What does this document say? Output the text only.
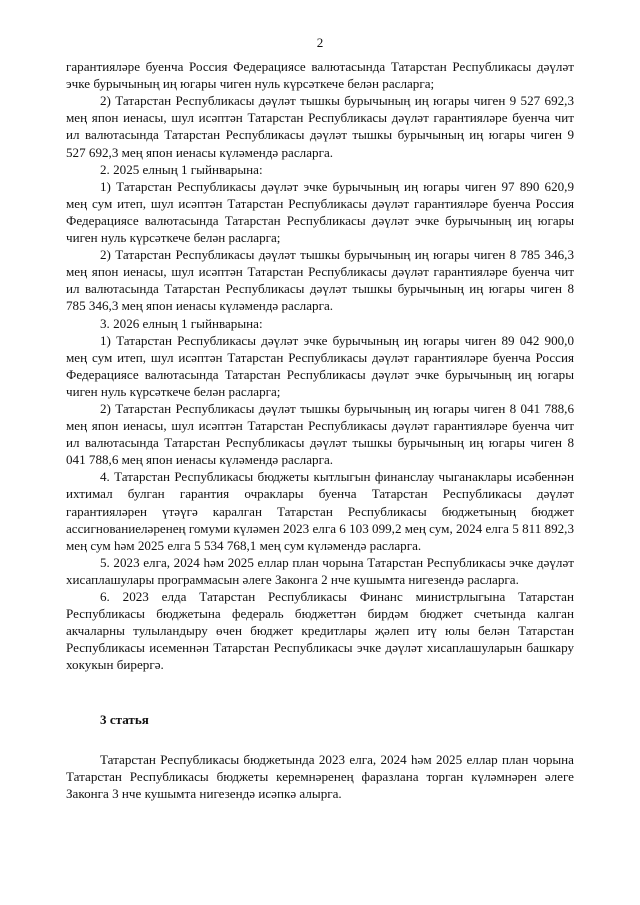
2

гарантияләре буенча Россия Федерациясе валютасында Татарстан Республикасы дәүләт эчке бурычының иң югары чиген нуль күрсәткече белән расларга;

2) Татарстан Республикасы дәүләт тышкы бурычының иң югары чиген 9 527 692,3 мең япон иенасы, шул исәптән Татарстан Республикасы дәүләт гарантияләре буенча чит ил валютасында Татарстан Республикасы дәүләт тышкы бурычының иң югары чиген 9 527 692,3 мең япон иенасы күләмендә расларга.

2. 2025 елның 1 гыйнварына:

1) Татарстан Республикасы дәүләт эчке бурычының иң югары чиген 97 890 620,9 мең сум итеп, шул исәптән Татарстан Республикасы дәүләт гарантияләре буенча Россия Федерациясе валютасында Татарстан Республикасы дәүләт эчке бурычының иң югары чиген нуль күрсәткече белән расларга;

2) Татарстан Республикасы дәүләт тышкы бурычының иң югары чиген 8 785 346,3 мең япон иенасы, шул исәптән Татарстан Республикасы дәүләт гарантияләре буенча чит ил валютасында Татарстан Республикасы дәүләт тышкы бурычының иң югары чиген 8 785 346,3 мең япон иенасы күләмендә расларга.

3. 2026 елның 1 гыйнварына:

1) Татарстан Республикасы дәүләт эчке бурычының иң югары чиген 89 042 900,0 мең сум итеп, шул исәптән Татарстан Республикасы дәүләт гарантияләре буенча Россия Федерациясе валютасында Татарстан Республикасы дәүләт эчке бурычының иң югары чиген нуль күрсәткече белән расларга;

2) Татарстан Республикасы дәүләт тышкы бурычының иң югары чиген 8 041 788,6 мең япон иенасы, шул исәптән Татарстан Республикасы дәүләт гарантияләре буенча чит ил валютасында Татарстан Республикасы дәүләт тышкы бурычының иң югары чиген 8 041 788,6 мең япон иенасы күләмендә расларга.

4. Татарстан Республикасы бюджеты кытлыгын финанслау чыганаклары исәбеннән ихтимал булган гарантия очраклары буенча Татарстан Республикасы дәүләт гарантияләрен үтәүгә каралган Татарстан Республикасы бюджетының бюджет ассигнованиеләренең гомуми күләмен 2023 елга 6 103 099,2 мең сум, 2024 елга 5 811 892,3 мең сум һәм 2025 елга 5 534 768,1 мең сум күләмендә расларга.

5. 2023 елга, 2024 һәм 2025 еллар план чорына Татарстан Республикасы эчке дәүләт хисаплашулары программасын әлеге Законга 2 нче кушымта нигезендә расларга.

6. 2023 елда Татарстан Республикасы Финанс министрлыгына Татарстан Республикасы бюджетына федераль бюджеттән бирдәм бюджет счетында калган акчаларны тулыландыру өчен бюджет кредитлары җәлеп итү юлы белән Татарстан Республикасы исеменнән Татарстан Республикасы эчке дәүләт хисаплашуларын башкару хокукын бирергә.

3 статья

Татарстан Республикасы бюджетында 2023 елга, 2024 һәм 2025 еллар план чорына Татарстан Республикасы бюджеты керемнәренең фаразлана торган күләмнәрен әлеге Законга 3 нче кушымта нигезендә исәпкә алырга.
